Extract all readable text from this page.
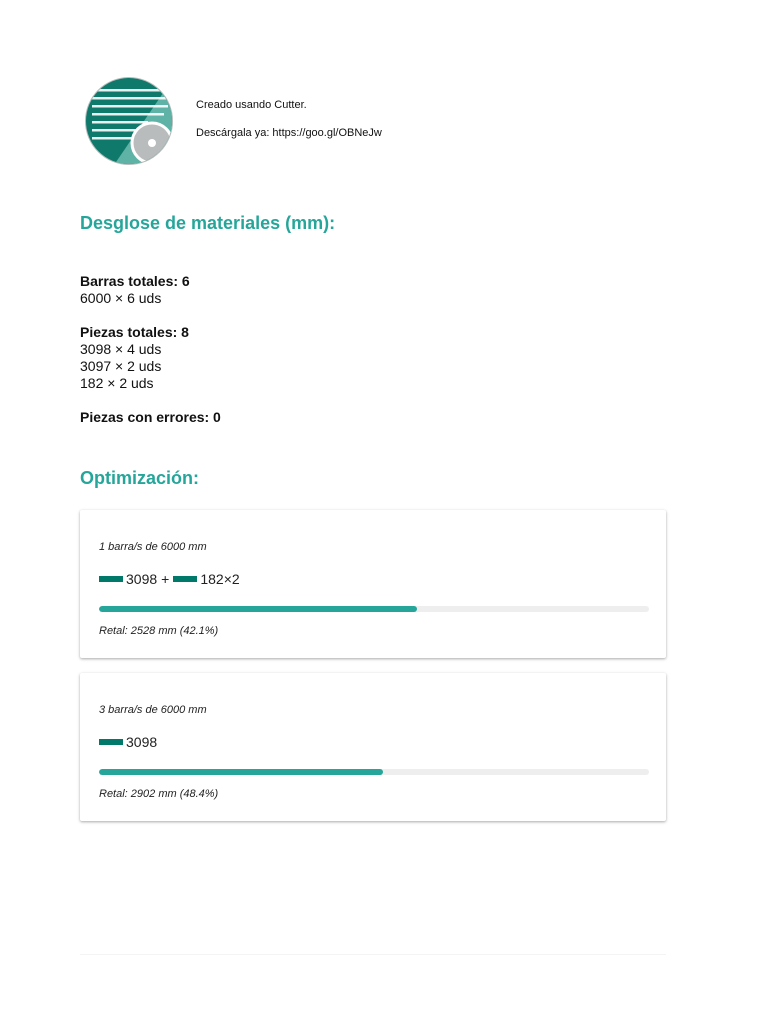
Creado usando Cutter.
Descárgala ya: https://goo.gl/OBNeJw
Desglose de materiales (mm):
Barras totales: 6
6000 × 6 uds
Piezas totales: 8
3098 × 4 uds
3097 × 2 uds
182 × 2 uds
Piezas con errores: 0
Optimización:
1 barra/s de 6000 mm
3098 + 182×2
Retal: 2528 mm (42.1%)
3 barra/s de 6000 mm
3098
Retal: 2902 mm (48.4%)
